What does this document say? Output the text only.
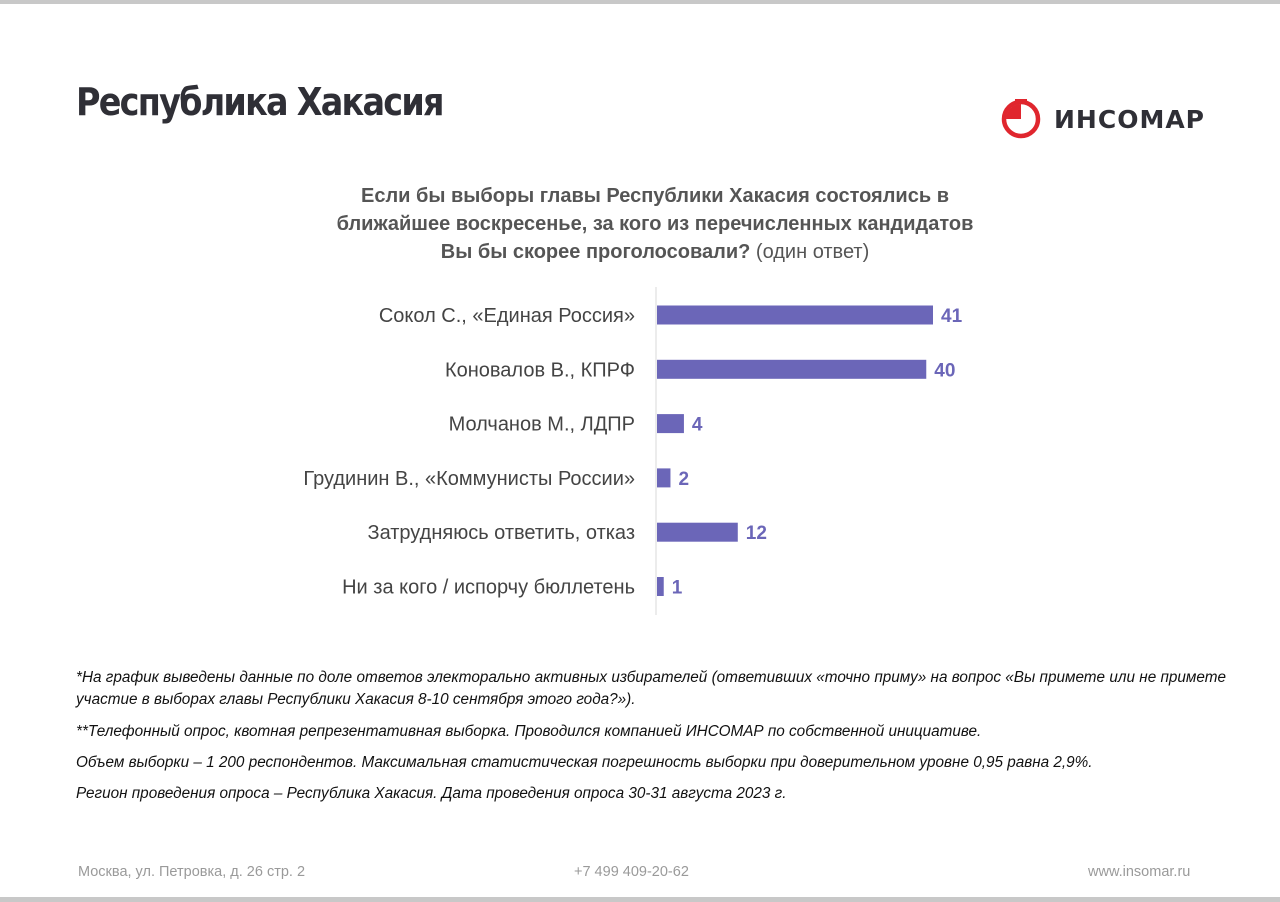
Республика Хакасия	ИНСОМАР
Если бы выборы главы Республики Хакасия состоялись в
ближайшее воскресенье, за кого из перечисленных кандидатов
Вы бы скорее проголосовали? (один ответ)
Сокол С., «Единая Россия»	41
Коновалов В., КПРФ	40
Молчанов М., ЛДПР	4
Грудинин В., «Коммунисты России» 2
Затрудняюсь ответить, отказ	12
Ни за кого / испорчу бюллетень 1

*На график выведены данные по доле ответов электорально активных избирателей (ответивших «точно приму» на вопрос «Вы примете или не примете участие в выборах главы Республики Хакасия 8-10 сентября этого года?»).

**Телефонный опрос, квотная репрезентативная выборка. Проводился компанией ИНСОМАР по собственной инициативе.

Объем выборки – 1 200 респондентов. Максимальная статистическая погрешность выборки при доверительном уровне 0,95 равна 2,9%.

Регион проведения опроса – Республика Хакасия. Дата проведения опроса 30-31 августа 2023 г.

Москва, ул. Петровка, д. 26 стр. 2	+7 499 409-20-62	www.insomar.ru
